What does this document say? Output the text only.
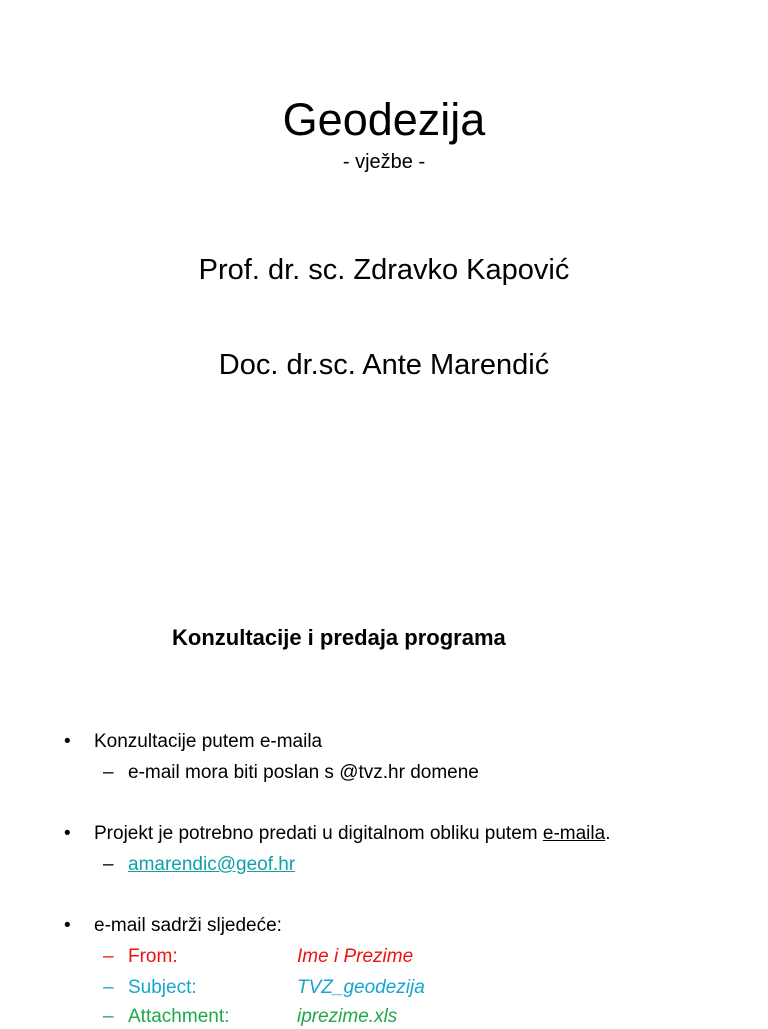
Geodezija
- vježbe -
Prof. dr. sc. Zdravko Kapović
Doc. dr.sc. Ante Marendić
Konzultacije i predaja programa
• Konzultacije putem e-maila
– e-mail mora biti poslan s @tvz.hr domene
• Projekt je potrebno predati u digitalnom obliku putem e-maila.
– amarendic@geof.hr
• e-mail sadrži sljedeće:
– From:	Ime i Prezime
– Subject:	TVZ_geodezija
– Attachment:	iprezime.xls
